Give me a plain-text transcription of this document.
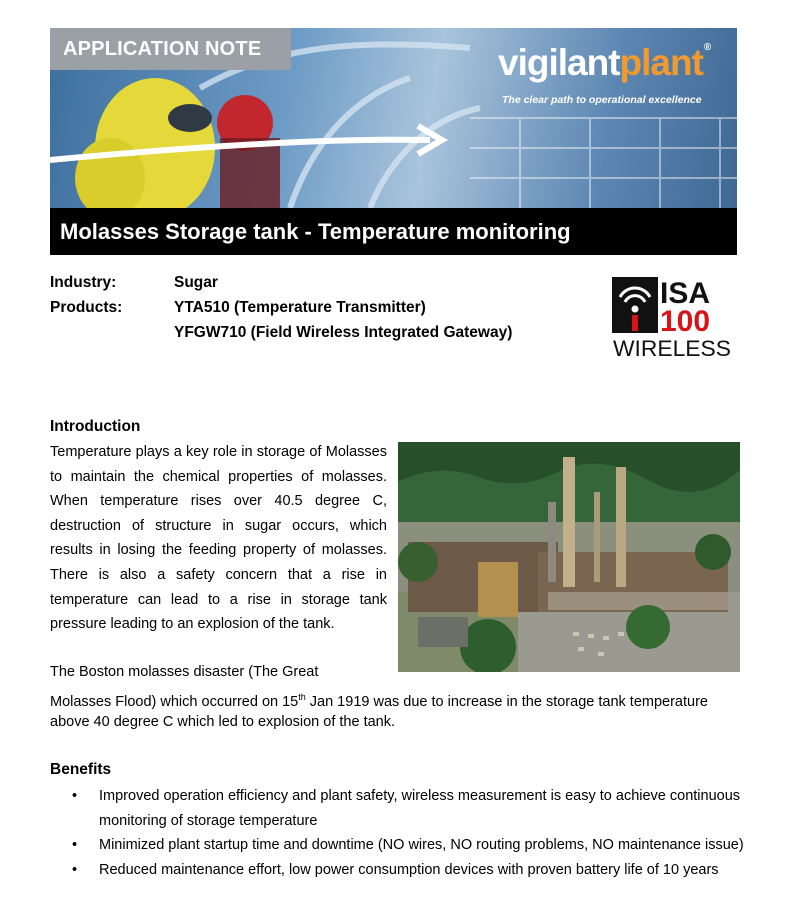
APPLICATION NOTE	vigilantplant®
The clear path to operational excellence
Molasses Storage tank - Temperature monitoring
Industry:	Sugar
Products:	YTA510 (Temperature Transmitter)
YFGW710 (Field Wireless Integrated Gateway)
ISA
100
WIRELESS
Introduction
Temperature plays a key role in storage of Molasses to maintain the chemical properties of molasses. When temperature rises over 40.5 degree C, destruction of structure in sugar occurs, which results in losing the feeding property of molasses. There is also a safety concern that a rise in temperature can lead to a rise in storage tank pressure leading to an explosion of the tank.
The Boston molasses disaster (The Great
Molasses Flood) which occurred on 15th Jan 1919 was due to increase in the storage tank temperature
above 40 degree C which led to explosion of the tank.
Benefits
• Improved operation efficiency and plant safety, wireless measurement is easy to achieve continuous monitoring of storage temperature
• Minimized plant startup time and downtime (NO wires, NO routing problems, NO maintenance issue)
• Reduced maintenance effort, low power consumption devices with proven battery life of 10 years
